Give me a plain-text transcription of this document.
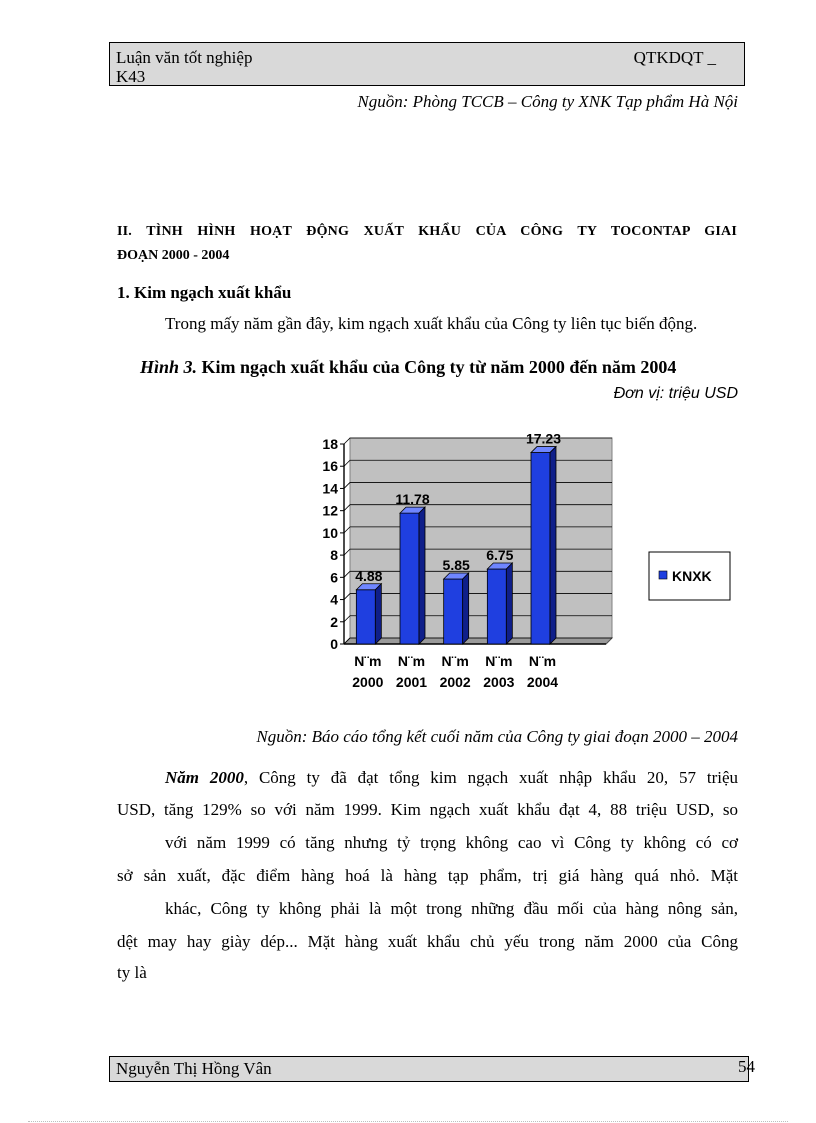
Luận văn tốt nghiệp	QTKDQT _
K43
Nguồn: Phòng TCCB – Công ty XNK Tạp phẩm Hà Nội
II. TÌNH HÌNH HOẠT ĐỘNG XUẤT KHẨU CỦA CÔNG TY TOCONTAP GIAI
ĐOẠN 2000 - 2004
1. Kim ngạch xuất khẩu
Trong mấy năm gần đây, kim ngạch xuất khẩu của Công ty liên tục biến động.
Hình 3. Kim ngạch xuất khẩu của Công ty từ năm 2000 đến năm 2004
Đơn vị: triệu USD
0
2
4
6
8
10
12
14
16
18
4.88
N¨m
2000
11.78
N¨m
2001
5.85
N¨m
2002
6.75
N¨m
2003
17.23
N¨m
2004
KNXK
Nguồn: Báo cáo tổng kết cuối năm của Công ty giai đoạn 2000 – 2004
Năm 2000, Công ty đã đạt tổng kim ngạch xuất nhập khẩu 20, 57 triệu
USD, tăng 129% so với năm 1999. Kim ngạch xuất khẩu đạt 4, 88 triệu USD, so
với năm 1999 có tăng nhưng tỷ trọng không cao vì Công ty không có cơ
sở sản xuất, đặc điểm hàng hoá là hàng tạp phẩm, trị giá hàng quá nhỏ. Mặt
khác, Công ty không phải là một trong những đầu mối của hàng nông sản,
dệt may hay giày dép... Mặt hàng xuất khẩu chủ yếu trong năm 2000 của Công
ty là
Nguyễn Thị Hồng Vân	54
